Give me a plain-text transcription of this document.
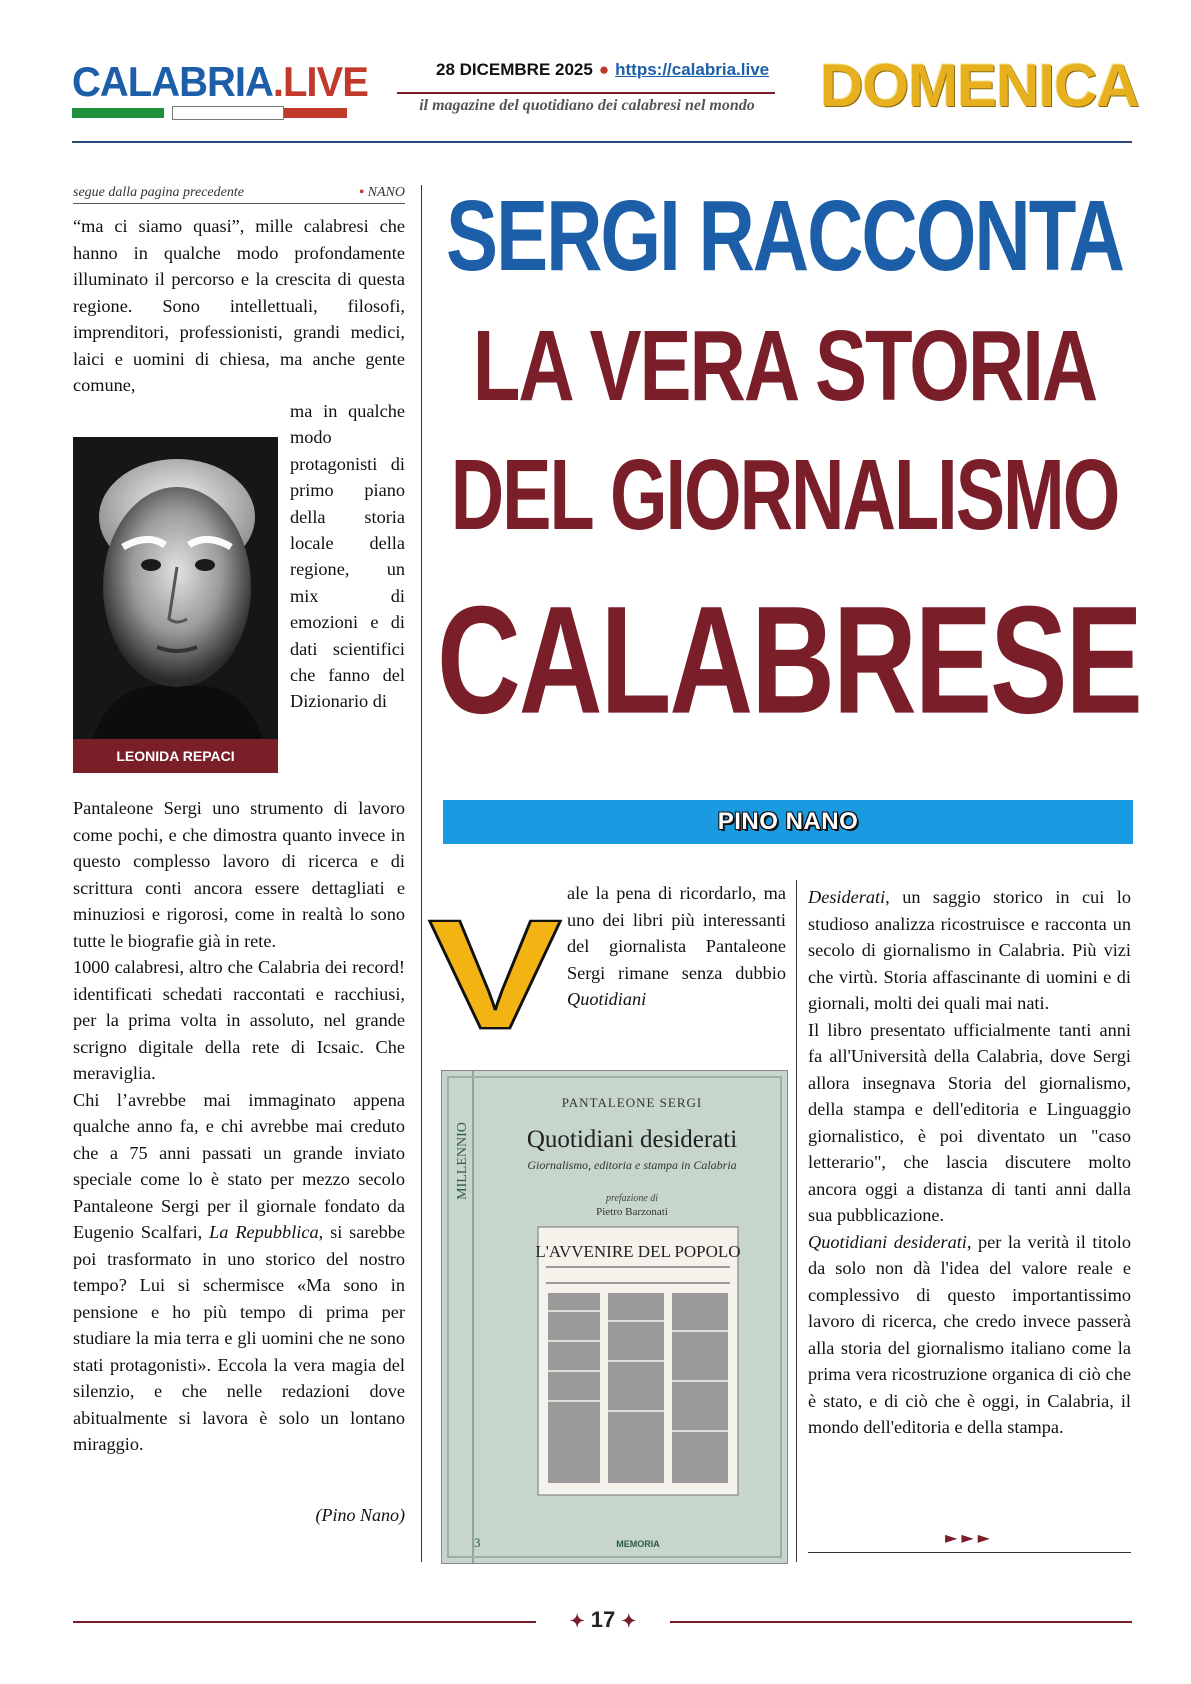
CALABRIA.LIVE	28 DICEMBRE 2025 ● https://calabria.live
il magazine del quotidiano dei calabresi nel mondo	DOMENICA
segue dalla pagina precedente	• NANO

“ma ci siamo quasi”, mille calabresi che hanno in qualche modo profondamente illuminato il percorso e la crescita di questa regione. Sono intellettuali, filosofi, imprenditori, professionisti, grandi medici, laici e uomini di chiesa, ma anche gente comune,

LEONIDA REPACI

ma in qualche modo protagonisti di primo piano della storia locale della regione, un mix di emozioni e di dati scientifici che fanno del Dizionario di

Pantaleone Sergi uno strumento di lavoro come pochi, e che dimostra quanto invece in questo complesso lavoro di ricerca e di scrittura conti ancora essere dettagliati e minuziosi e rigorosi, come in realtà lo sono tutte le biografie già in rete.

1000 calabresi, altro che Calabria dei record! identificati schedati raccontati e racchiusi, per la prima volta in assoluto, nel grande scrigno digitale della rete di Icsaic. Che meraviglia.

Chi l’avrebbe mai immaginato appena qualche anno fa, e chi avrebbe mai creduto che a 75 anni passati un grande inviato speciale come lo è stato per mezzo secolo Pantaleone Sergi per il giornale fondato da Eugenio Scalfari, La Repubblica, si sarebbe poi trasformato in uno storico del nostro tempo? Lui si schermisce «Ma sono in pensione e ho più tempo di prima per studiare la mia terra e gli uomini che ne sono stati protagonisti». Eccola la vera magia del silenzio, e che nelle redazioni dove abitualmente si lavora è solo un lontano miraggio.

(Pino Nano)
SERGI RACCONTA
LA VERA STORIA
DEL GIORNALISMO
CALABRESE
PINO NANO

ale la pena di ricordarlo, ma uno dei libri più interessanti del giornalista Pantaleone Sergi rimane senza dubbio Quotidiani

V
MILLENNIO
PANTALEONE SERGI
Quotidiani desiderati
Giornalismo, editoria e stampa in Calabria
prefazione di
Pietro Barzonati
L'AVVENIRE DEL POPOLO
3	MEMORIA

Desiderati, un saggio storico in cui lo studioso analizza ricostruisce e racconta un secolo di giornalismo in Calabria. Più vizi che virtù. Storia affascinante di uomini e di giornali, molti dei quali mai nati.

Il libro presentato ufficialmente tanti anni fa all'Università della Calabria, dove Sergi allora insegnava Storia del giornalismo, della stampa e dell'editoria e Linguaggio giornalistico, è poi diventato un "caso letterario", che lascia discutere molto ancora oggi a distanza di tanti anni dalla sua pubblicazione.

Quotidiani desiderati, per la verità il titolo da solo non dà l'idea del valore reale e complessivo di questo importantissimo lavoro di ricerca, che credo invece passerà alla storia del giornalismo italiano come la prima vera ricostruzione organica di ciò che è stato, e di ciò che è oggi, in Calabria, il mondo dell'editoria e della stampa.

►►►
✦ 17 ✦
